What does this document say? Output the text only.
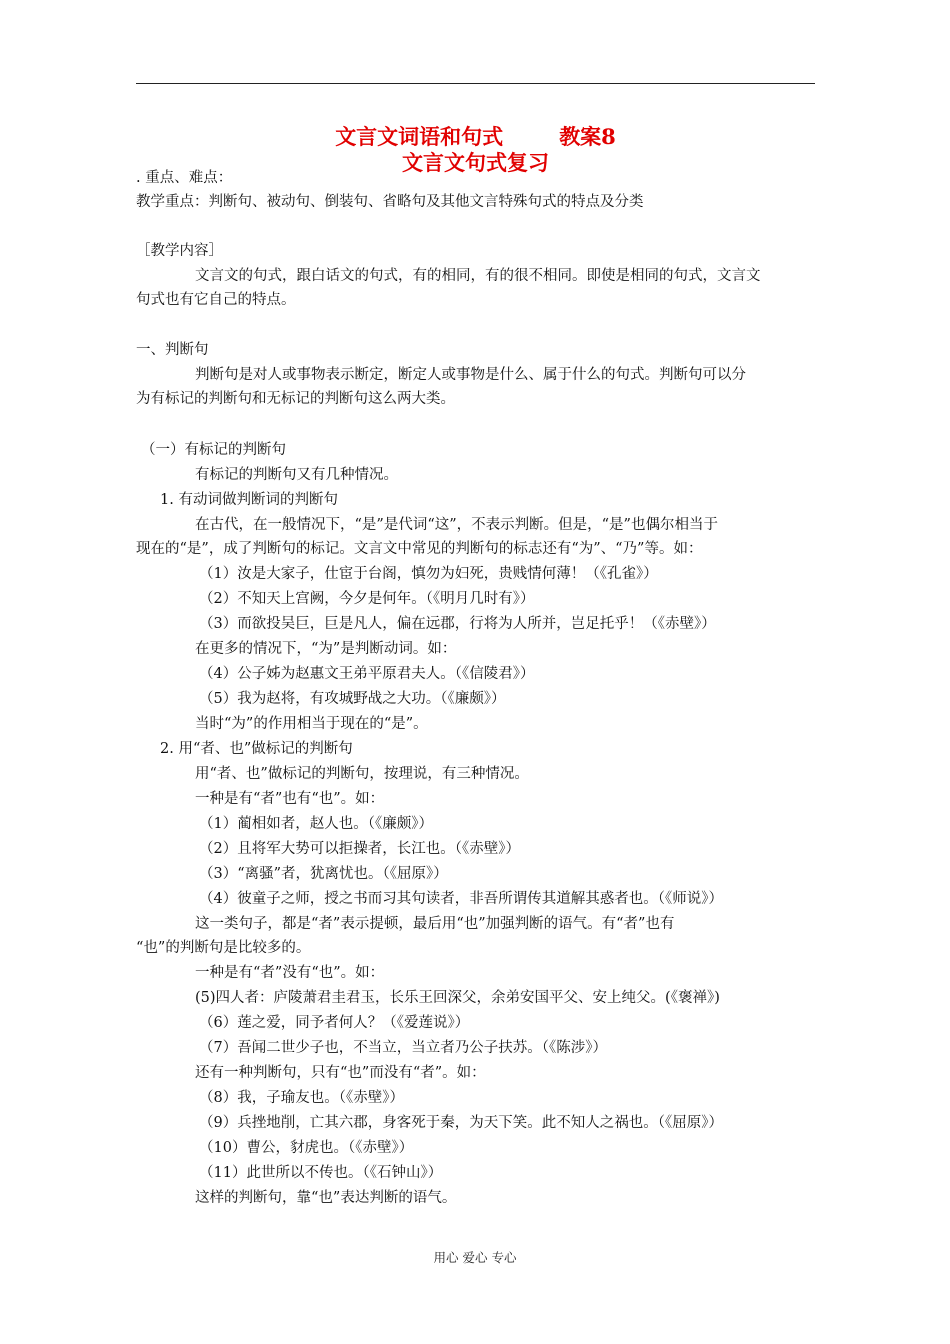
文言文词语和句式	教案8
文言文句式复习

. 重点、难点：

教学重点：判断句、被动句、倒装句、省略句及其他文言特殊句式的特点及分类

［教学内容］

文言文的句式，跟白话文的句式，有的相同，有的很不相同。即使是相同的句式，文言文

句式也有它自己的特点。

一、判断句

判断句是对人或事物表示断定，断定人或事物是什么、属于什么的句式。判断句可以分

为有标记的判断句和无标记的判断句这么两大类。

（一）有标记的判断句

有标记的判断句又有几种情况。

1. 有动词做判断词的判断句

在古代，在一般情况下，“是”是代词“这”，不表示判断。但是，“是”也偶尔相当于

现在的“是”，成了判断句的标记。文言文中常见的判断句的标志还有“为”、“乃”等。如：

（1）汝是大家子，仕宦于台阁，慎勿为妇死，贵贱情何薄！（《孔雀》）

（2）不知天上宫阙，今夕是何年。（《明月几时有》）

（3）而欲投吴巨，巨是凡人，偏在远郡，行将为人所并，岂足托乎！（《赤壁》）

在更多的情况下，“为”是判断动词。如：

（4）公子姊为赵惠文王弟平原君夫人。（《信陵君》）

（5）我为赵将，有攻城野战之大功。（《廉颇》）

当时“为”的作用相当于现在的“是”。

2. 用“者、也”做标记的判断句

用“者、也”做标记的判断句，按理说，有三种情况。

一种是有“者”也有“也”。如：

（1）蔺相如者，赵人也。（《廉颇》）

（2）且将军大势可以拒操者，长江也。（《赤壁》）

（3）“离骚”者，犹离忧也。（《屈原》）

（4）彼童子之师，授之书而习其句读者，非吾所谓传其道解其惑者也。（《师说》）

这一类句子，都是“者”表示提顿，最后用“也”加强判断的语气。有“者”也有

“也”的判断句是比较多的。

一种是有“者”没有“也”。如：

(5)四人者：庐陵萧君圭君玉，长乐王回深父，余弟安国平父、安上纯父。(《褒禅》)

（6）莲之爱，同予者何人？（《爱莲说》）

（7）吾闻二世少子也，不当立，当立者乃公子扶苏。（《陈涉》）

还有一种判断句，只有“也”而没有“者”。如：

（8）我，子瑜友也。（《赤壁》）

（9）兵挫地削，亡其六郡，身客死于秦，为天下笑。此不知人之祸也。（《屈原》）

（10）曹公，豺虎也。（《赤壁》）

（11）此世所以不传也。（《石钟山》）

这样的判断句，靠“也”表达判断的语气。

用心 爱心 专心
